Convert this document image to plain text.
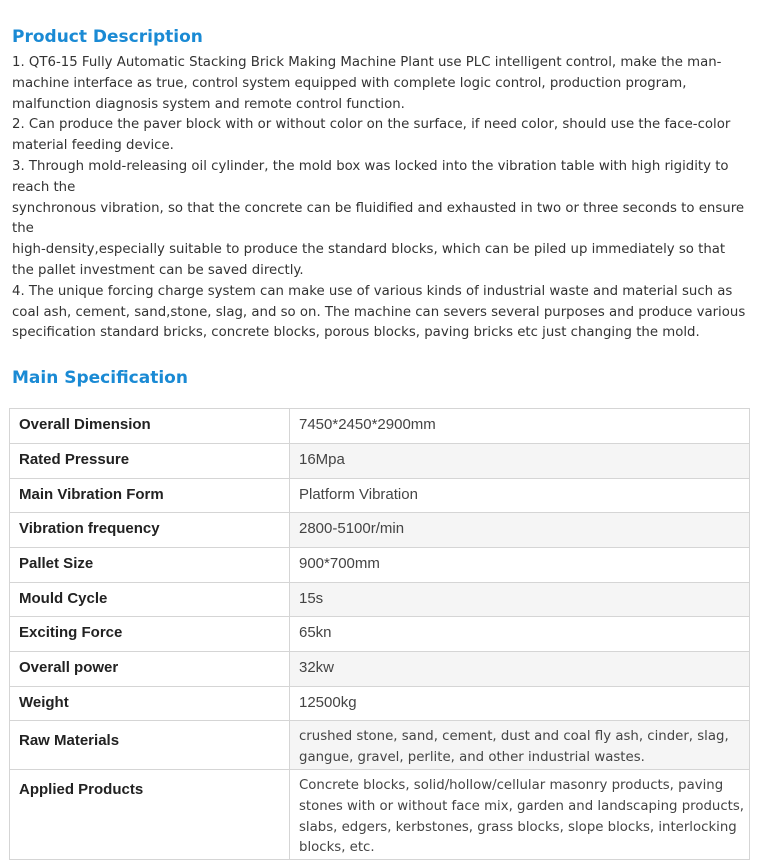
Product Description

1. QT6-15 Fully Automatic Stacking Brick Making Machine Plant use PLC intelligent control, make the man-machine interface as true, control system equipped with complete logic control, production program, malfunction diagnosis system and remote control function.

2. Can produce the paver block with or without color on the surface, if need color, should use the face-color material feeding device.

3. Through mold-releasing oil cylinder, the mold box was locked into the vibration table with high rigidity to reach the

synchronous vibration, so that the concrete can be fluidified and exhausted in two or three seconds to ensure the

high-density,especially suitable to produce the standard blocks, which can be piled up immediately so that the pallet investment can be saved directly.

4. The unique forcing charge system can make use of various kinds of industrial waste and material such as coal ash, cement, sand,stone, slag, and so on. The machine can severs several purposes and produce various specification standard bricks, concrete blocks, porous blocks, paving bricks etc just changing the mold.

Main Specification
Overall Dimension	7450*2450*2900mm
Rated Pressure	16Mpa
Main Vibration Form	Platform Vibration
Vibration frequency	2800-5100r/min
Pallet Size	900*700mm
Mould Cycle	15s
Exciting Force	65kn
Overall power	32kw
Weight	12500kg
Raw Materials	crushed stone, sand, cement, dust and coal fly ash, cinder, slag, gangue, gravel, perlite, and other industrial wastes.
Applied Products	Concrete blocks, solid/hollow/cellular masonry products, paving stones with or without face mix, garden and landscaping products, slabs, edgers, kerbstones, grass blocks, slope blocks, interlocking blocks, etc.
